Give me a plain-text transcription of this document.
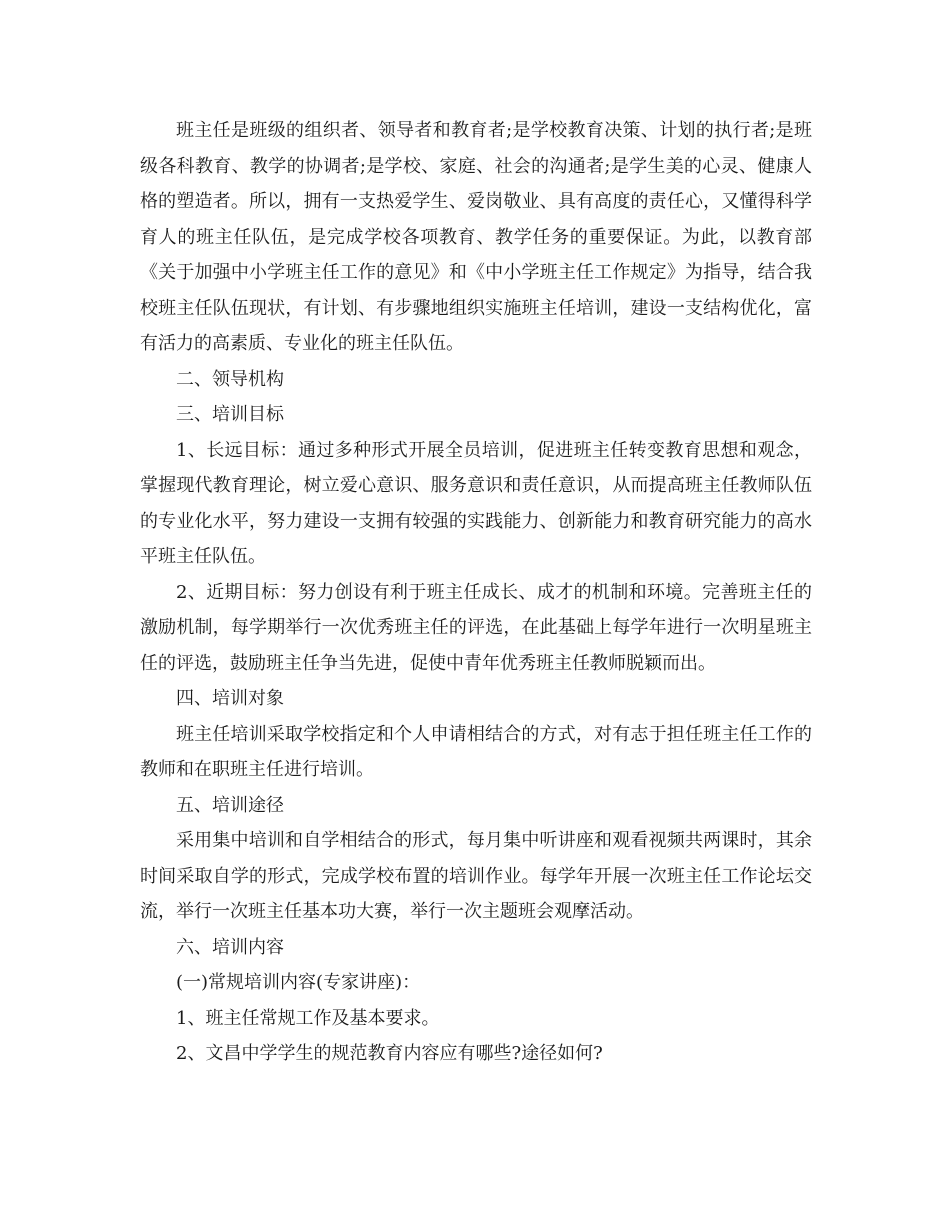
班主任是班级的组织者、领导者和教育者;是学校教育决策、计划的执行者;是班级各科教育、教学的协调者;是学校、家庭、社会的沟通者;是学生美的心灵、健康人格的塑造者。所以，拥有一支热爱学生、爱岗敬业、具有高度的责任心，又懂得科学育人的班主任队伍，是完成学校各项教育、教学任务的重要保证。为此，以教育部《关于加强中小学班主任工作的意见》和《中小学班主任工作规定》为指导，结合我校班主任队伍现状，有计划、有步骤地组织实施班主任培训，建设一支结构优化，富有活力的高素质、专业化的班主任队伍。

二、领导机构

三、培训目标

1、长远目标：通过多种形式开展全员培训，促进班主任转变教育思想和观念，掌握现代教育理论，树立爱心意识、服务意识和责任意识，从而提高班主任教师队伍的专业化水平，努力建设一支拥有较强的实践能力、创新能力和教育研究能力的高水平班主任队伍。

2、近期目标：努力创设有利于班主任成长、成才的机制和环境。完善班主任的激励机制，每学期举行一次优秀班主任的评选，在此基础上每学年进行一次明星班主任的评选，鼓励班主任争当先进，促使中青年优秀班主任教师脱颖而出。

四、培训对象

班主任培训采取学校指定和个人申请相结合的方式，对有志于担任班主任工作的教师和在职班主任进行培训。

五、培训途径

采用集中培训和自学相结合的形式，每月集中听讲座和观看视频共两课时，其余时间采取自学的形式，完成学校布置的培训作业。每学年开展一次班主任工作论坛交流，举行一次班主任基本功大赛，举行一次主题班会观摩活动。

六、培训内容

(一)常规培训内容(专家讲座)：

1、班主任常规工作及基本要求。

2、文昌中学学生的规范教育内容应有哪些?途径如何?
